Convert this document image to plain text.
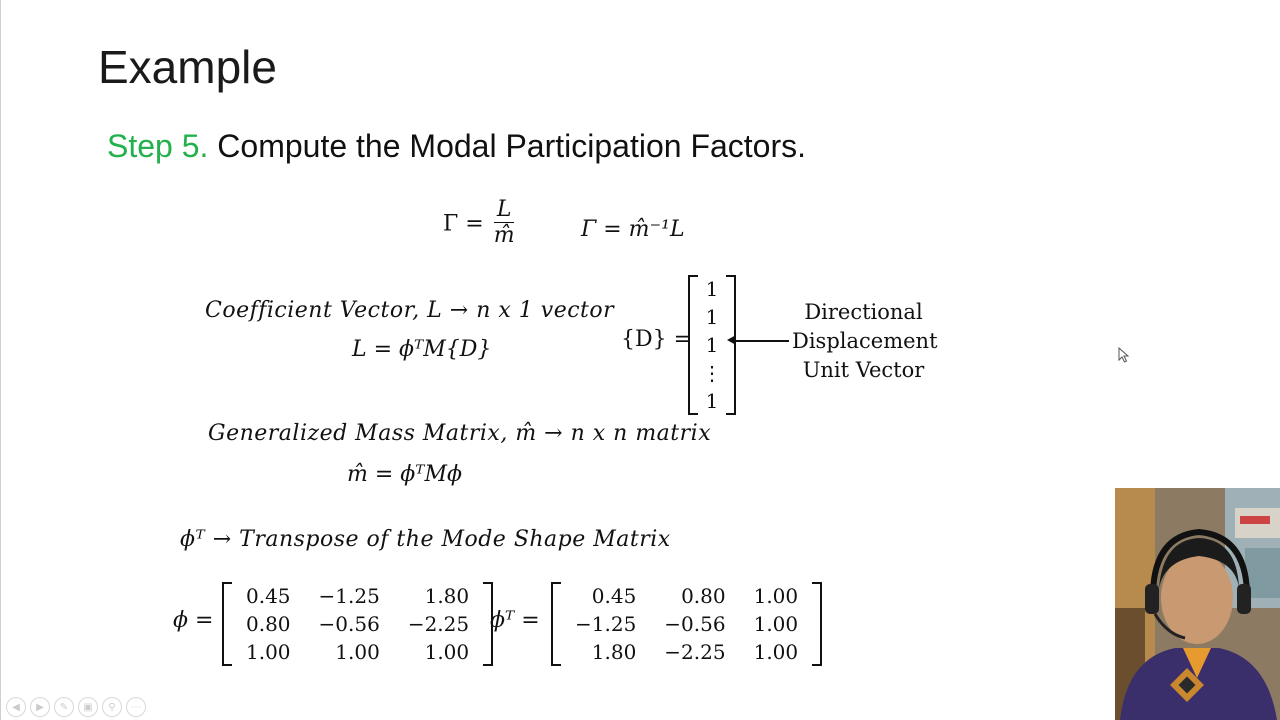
Example
Step 5. Compute the Modal Participation Factors.
$\Gamma = \frac{L}{m̂}$	Γ = m̂⁻¹L
Coefficient Vector, L → n x 1 vector
L = ϕᵀM{D}	{D} =
1
1
1
⋮
1
Directional
Displacement
Unit Vector
Generalized Mass Matrix, m̂ → n x n matrix
m̂ = ϕᵀMϕ
ϕᵀ → Transpose of the Mode Shape Matrix
ϕ =
0.45	−1.25	1.80
0.80	−0.56	−2.25
1.00	1.00	1.00
ϕᵀ =
0.45	0.80	1.00
−1.25	−0.56	1.00
1.80	−2.25	1.00
◀	▶	✎	▣	⚲	⋯
